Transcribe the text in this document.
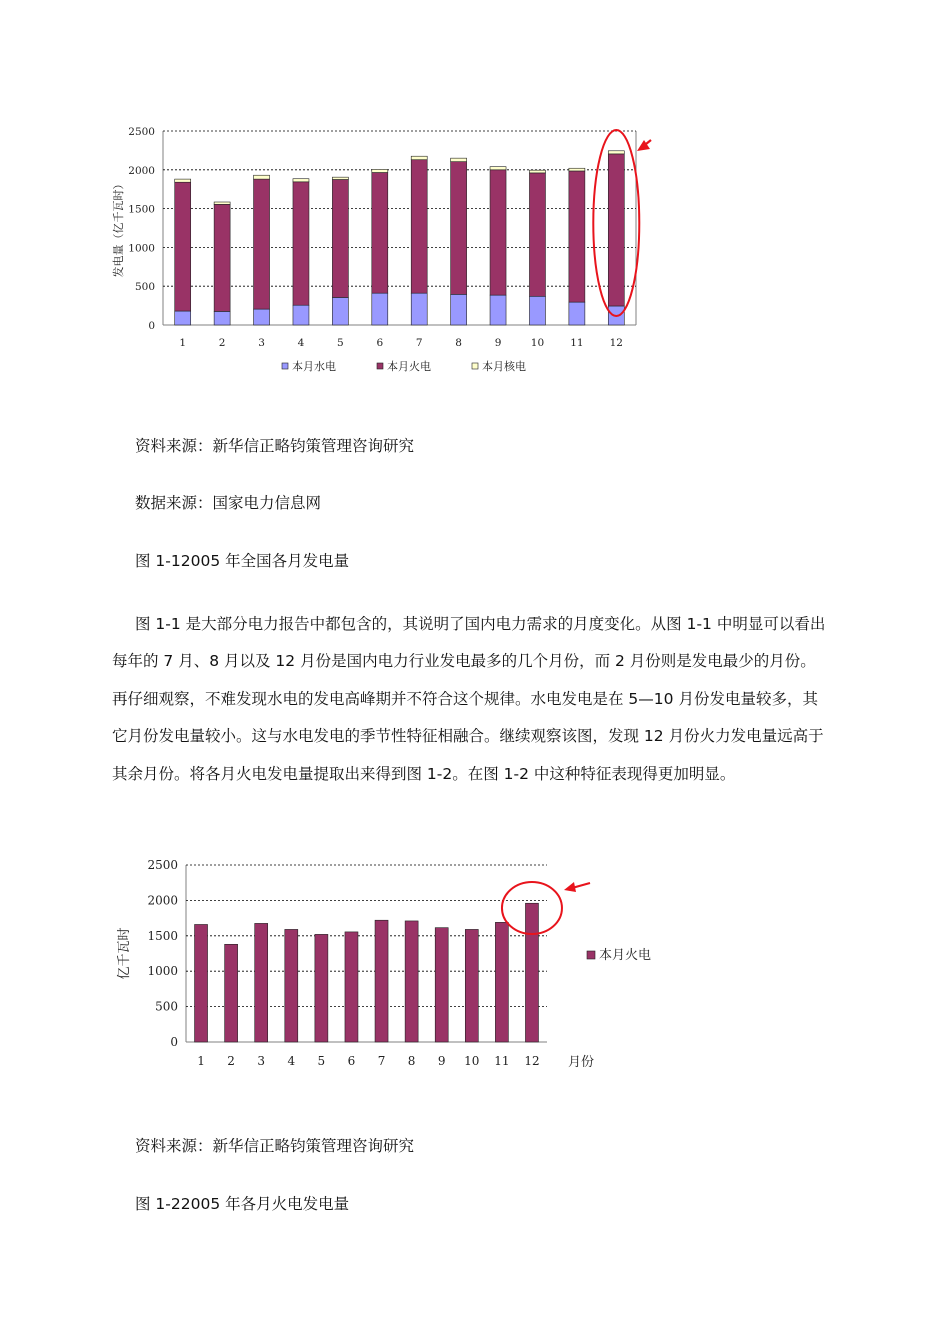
0
500
1000
1500
2000
2500
1	2	3	4	5	6	7	8	9	10 11 12
发电量（亿千瓦时）
本月水电	本月火电	本月核电

资料来源：新华信正略钧策管理咨询研究

数据来源：国家电力信息网

图 1-12005 年全国各月发电量

图 1-1 是大部分电力报告中都包含的，其说明了国内电力需求的月度变化。从图 1-1 中明显可以看出每年的 7 月、8 月以及 12 月份是国内电力行业发电最多的几个月份，而 2 月份则是发电最少的月份。再仔细观察，不难发现水电的发电高峰期并不符合这个规律。水电发电是在 5—10 月份发电量较多，其它月份发电量较小。这与水电发电的季节性特征相融合。继续观察该图，发现 12 月份火力发电量远高于其余月份。将各月火电发电量提取出来得到图 1-2。在图 1-2 中这种特征表现得更加明显。

0
500
1000
1500
2000
2500
1 2 3 4 5 6 7 8 9 10 11 12
亿千瓦时
月份
本月火电

资料来源：新华信正略钧策管理咨询研究

图 1-22005 年各月火电发电量
